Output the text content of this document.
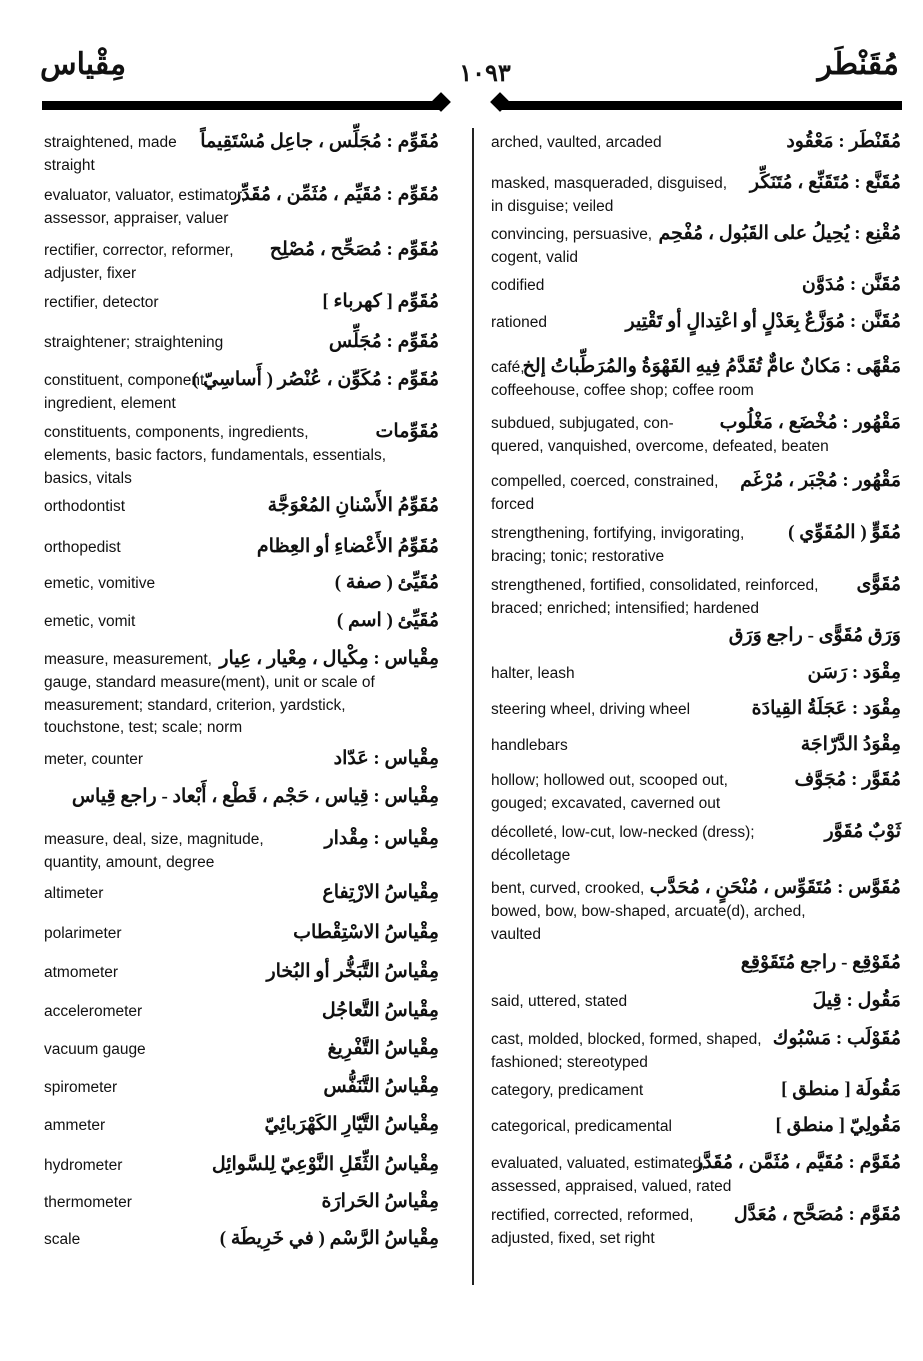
مِقْياس	١٠٩٣	مُقَنْطَر
مُقَوِّم : مُجَلِّس ، جاعِل مُسْتَقِيماً
straightened, made
straight
مُقَوِّم : مُقَيِّم ، مُثَمِّن ، مُقَدِّر
evaluator, valuator, estimator,
assessor, appraiser, valuer
مُقَوِّم : مُصَحِّح ، مُصْلِح
rectifier, corrector, reformer,
adjuster, fixer
مُقَوِّم [ كهرباء ]
rectifier, detector
مُقَوِّم : مُجَلِّس
straightener; straightening
مُقَوِّم : مُكَوِّن ، عُنْصُر ( أَساسِيّ )
constituent, component,
ingredient, element
مُقَوِّمات
constituents, components, ingredients,
elements, basic factors, fundamentals, essentials,
basics, vitals
مُقَوِّمُ الأَسْنانِ المُعْوَجَّة
orthodontist
مُقَوِّمُ الأَعْضاءِ أو العِظام
orthopedist
مُقَيِّئ ( صفة )
emetic, vomitive
مُقَيِّئ ( اسم )
emetic, vomit
مِقْياس : مِكْيال ، مِعْيار ، عِيار
measure, measurement,
gauge, standard measure(ment), unit or scale of
measurement; standard, criterion, yardstick,
touchstone, test; scale; norm
مِقْياس : عَدّاد
meter, counter
مِقْياس : قِياس ، حَجْم ، قَطْع ، أَبْعاد - راجع قِياس
مِقْياس : مِقْدار
measure, deal, size, magnitude,
quantity, amount, degree
مِقْياسُ الارْتِفاع
altimeter
مِقْياسُ الاسْتِقْطاب
polarimeter
مِقْياسُ التَّبَخُّر أو البُخار
atmometer
مِقْياسُ التَّعاجُل
accelerometer
مِقْياسُ التَّفْرِيغ
vacuum gauge
مِقْياسُ التَّنَفُّس
spirometer
مِقْياسُ التَّيّارِ الكَهْرَبائِيّ
ammeter
مِقْياسُ الثِّقَلِ النَّوْعِيّ لِلسَّوائِل
hydrometer
مِقْياسُ الحَرارَة
thermometer
مِقْياسُ الرَّسْم ( في خَرِيطَة )
scale
مُقَنْطَر : مَعْقُود
arched, vaulted, arcaded
مُقَنَّع : مُتَقَنِّع ، مُتَنَكِّر
masked, masqueraded, disguised,
in disguise; veiled
مُقْنِع : يُحِيلُ على القَبُول ، مُفْحِم
convincing, persuasive,
cogent, valid
مُقَنَّن : مُدَوَّن
codified
مُقَنَّن : مُوَزَّعٌ بِعَدْلٍ أو اعْتِدالٍ أو تَقْتِير
rationed
مَقْهًى : مَكانٌ عامٌّ تُقَدَّمُ فِيهِ القَهْوَةُ والمُرَطِّباتُ إلخ
café,
coffeehouse, coffee shop; coffee room
مَقْهُور : مُخْضَع ، مَغْلُوب
subdued, subjugated, con-
quered, vanquished, overcome, defeated, beaten
مَقْهُور : مُجْبَر ، مُرْغَم
compelled, coerced, constrained,
forced
مُقَوٍّ ( المُقَوِّي )
strengthening, fortifying, invigorating,
bracing; tonic; restorative
مُقَوًّى
strengthened, fortified, consolidated, reinforced,
braced; enriched; intensified; hardened
وَرَق مُقَوًّى - راجع وَرَق
مِقْوَد : رَسَن
halter, leash
مِقْوَد : عَجَلَةُ القِيادَة
steering wheel, driving wheel
مِقْوَدُ الدَّرّاجَة
handlebars
مُقَوَّر : مُجَوَّف
hollow; hollowed out, scooped out,
gouged; excavated, caverned out
ثَوْبٌ مُقَوَّر
décolleté, low-cut, low-necked (dress);
décolletage
مُقَوَّس : مُتَقَوِّس ، مُنْحَنٍ ، مُحَدَّب
bent, curved, crooked,
bowed, bow, bow-shaped, arcuate(d), arched,
vaulted
مُقَوْقِع - راجع مُتَقَوْقِع
مَقُول : قِيلَ
said, uttered, stated
مُقَوْلَب : مَسْبُوك
cast, molded, blocked, formed, shaped,
fashioned; stereotyped
مَقُولَة [ منطق ]
category, predicament
مَقُولِيّ [ منطق ]
categorical, predicamental
مُقَوَّم : مُقَيَّم ، مُثَمَّن ، مُقَدَّر
evaluated, valuated, estimated,
assessed, appraised, valued, rated
مُقَوَّم : مُصَحَّح ، مُعَدَّل
rectified, corrected, reformed,
adjusted, fixed, set right
